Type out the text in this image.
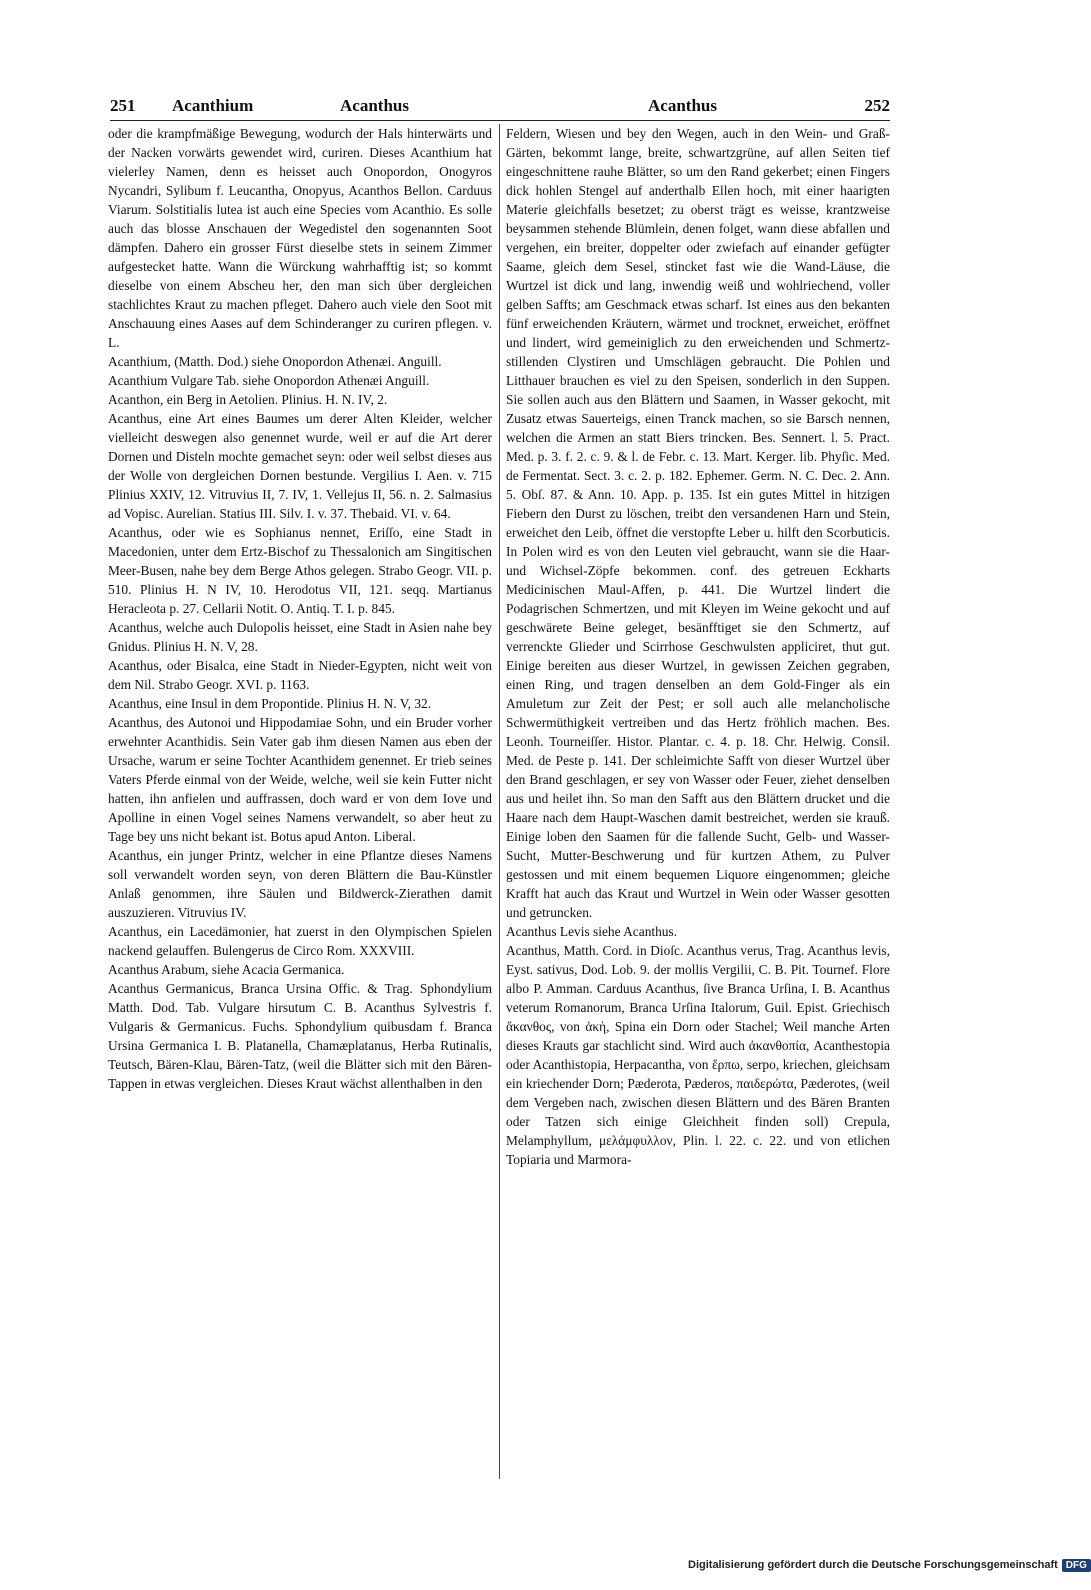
251 Acanthium	Acanthus	Acanthus	252

oder die krampfmäßige Bewegung, wodurch der Hals hinterwärts und der Nacken vorwärts gewendet wird, curiren. Dieses Acanthium hat vielerley Namen, denn es heisset auch Onopordon, Onogyros Nycandri, Sylibum f. Leucantha, Onopyus, Acanthos Bellon. Carduus Viarum. Solstitialis lutea ist auch eine Species vom Acanthio. Es solle auch das blosse Anschauen der Wegedistel den sogenannten Soot dämpfen. Dahero ein grosser Fürst dieselbe stets in seinem Zimmer aufgestecket hatte. Wann die Würckung wahrhafftig ist; so kommt dieselbe von einem Abscheu her, den man sich über dergleichen stachlichtes Kraut zu machen pfleget. Dahero auch viele den Soot mit Anschauung eines Aases auf dem Schinderanger zu curiren pflegen. v. L.

Acanthium, (Matth. Dod.) siehe Onopordon Athenæi. Anguill.

Acanthium Vulgare Tab. siehe Onopordon Athenæi Anguill.

Acanthon, ein Berg in Aetolien. Plinius. H. N. IV, 2.

Acanthus, eine Art eines Baumes um derer Alten Kleider, welcher vielleicht deswegen also genennet wurde, weil er auf die Art derer Dornen und Disteln mochte gemachet seyn: oder weil selbst dieses aus der Wolle von dergleichen Dornen bestunde. Vergilius I. Aen. v. 715 Plinius XXIV, 12. Vitruvius II, 7. IV, 1. Vellejus II, 56. n. 2. Salmasius ad Vopisc. Aurelian. Statius III. Silv. I. v. 37. Thebaid. VI. v. 64.

Acanthus, oder wie es Sophianus nennet, Eriſſo, eine Stadt in Macedonien, unter dem Ertz-Bischof zu Thessalonich am Singitischen Meer-Busen, nahe bey dem Berge Athos gelegen. Strabo Geogr. VII. p. 510. Plinius H. N IV, 10. Herodotus VII, 121. seqq. Martianus Heracleota p. 27. Cellarii Notit. O. Antiq. T. I. p. 845.

Acanthus, welche auch Dulopolis heisset, eine Stadt in Asien nahe bey Gnidus. Plinius H. N. V, 28.

Acanthus, oder Bisalca, eine Stadt in Nieder-Egypten, nicht weit von dem Nil. Strabo Geogr. XVI. p. 1163.

Acanthus, eine Insul in dem Propontide. Plinius H. N. V, 32.

Acanthus, des Autonoi und Hippodamiae Sohn, und ein Bruder vorher erwehnter Acanthidis. Sein Vater gab ihm diesen Namen aus eben der Ursache, warum er seine Tochter Acanthidem genennet. Er trieb seines Vaters Pferde einmal von der Weide, welche, weil sie kein Futter nicht hatten, ihn anfielen und auffrassen, doch ward er von dem Iove und Apolline in einen Vogel seines Namens verwandelt, so aber heut zu Tage bey uns nicht bekant ist. Botus apud Anton. Liberal.

Acanthus, ein junger Printz, welcher in eine Pflantze dieses Namens soll verwandelt worden seyn, von deren Blättern die Bau-Künstler Anlaß genommen, ihre Säulen und Bildwerck-Zierathen damit auszuzieren. Vitruvius IV.

Acanthus, ein Lacedämonier, hat zuerst in den Olympischen Spielen nackend gelauffen. Bulengerus de Circo Rom. XXXVIII.

Acanthus Arabum, siehe Acacia Germanica.

Acanthus Germanicus, Branca Ursina Offic. & Trag. Sphondylium Matth. Dod. Tab. Vulgare hirsutum C. B. Acanthus Sylvestris f. Vulgaris & Germanicus. Fuchs. Sphondylium quibusdam f. Branca Ursina Germanica I. B. Platanella, Chamæplatanus, Herba Rutinalis, Teutsch, Bären-Klau, Bären-Tatz, (weil die Blätter sich mit den Bären-Tappen in etwas vergleichen. Dieses Kraut wächst allenthalben in den

Feldern, Wiesen und bey den Wegen, auch in den Wein- und Graß-Gärten, bekommt lange, breite, schwartzgrüne, auf allen Seiten tief eingeschnittene rauhe Blätter, so um den Rand gekerbet; einen Fingers dick hohlen Stengel auf anderthalb Ellen hoch, mit einer haarigten Materie gleichfalls besetzet; zu oberst trägt es weisse, krantzweise beysammen stehende Blümlein, denen folget, wann diese abfallen und vergehen, ein breiter, doppelter oder zwiefach auf einander gefügter Saame, gleich dem Sesel, stincket fast wie die Wand-Läuse, die Wurtzel ist dick und lang, inwendig weiß und wohlriechend, voller gelben Saffts; am Geschmack etwas scharf. Ist eines aus den bekanten fünf erweichenden Kräutern, wärmet und trocknet, erweichet, eröffnet und lindert, wird gemeiniglich zu den erweichenden und Schmertz-stillenden Clystiren und Umschlägen gebraucht. Die Pohlen und Litthauer brauchen es viel zu den Speisen, sonderlich in den Suppen. Sie sollen auch aus den Blättern und Saamen, in Wasser gekocht, mit Zusatz etwas Sauerteigs, einen Tranck machen, so sie Barsch nennen, welchen die Armen an statt Biers trincken. Bes. Sennert. l. 5. Pract. Med. p. 3. f. 2. c. 9. & l. de Febr. c. 13. Mart. Kerger. lib. Phyſic. Med. de Fermentat. Sect. 3. c. 2. p. 182. Ephemer. Germ. N. C. Dec. 2. Ann. 5. Obſ. 87. & Ann. 10. App. p. 135. Ist ein gutes Mittel in hitzigen Fiebern den Durst zu löschen, treibt den versandenen Harn und Stein, erweichet den Leib, öffnet die verstopfte Leber u. hilft den Scorbuticis. In Polen wird es von den Leuten viel gebraucht, wann sie die Haar- und Wichsel-Zöpfe bekommen. conf. des getreuen Eckharts Medicinischen Maul-Affen, p. 441. Die Wurtzel lindert die Podagrischen Schmertzen, und mit Kleyen im Weine gekocht und auf geschwärete Beine geleget, besänfftiget sie den Schmertz, auf verrenckte Glieder und Scirrhose Geschwulsten appliciret, thut gut. Einige bereiten aus dieser Wurtzel, in gewissen Zeichen gegraben, einen Ring, und tragen denselben an dem Gold-Finger als ein Amuletum zur Zeit der Pest; er soll auch alle melancholische Schwermüthigkeit vertreiben und das Hertz fröhlich machen. Bes. Leonh. Tourneiſſer. Histor. Plantar. c. 4. p. 18. Chr. Helwig. Consil. Med. de Peste p. 141. Der schleimichte Safft von dieser Wurtzel über den Brand geschlagen, er sey von Wasser oder Feuer, ziehet denselben aus und heilet ihn. So man den Safft aus den Blättern drucket und die Haare nach dem Haupt-Waschen damit bestreichet, werden sie krauß. Einige loben den Saamen für die fallende Sucht, Gelb- und Wasser-Sucht, Mutter-Beschwerung und für kurtzen Athem, zu Pulver gestossen und mit einem bequemen Liquore eingenommen; gleiche Krafft hat auch das Kraut und Wurtzel in Wein oder Wasser gesotten und getruncken.

Acanthus Levis siehe Acanthus.

Acanthus, Matth. Cord. in Dioſc. Acanthus verus, Trag. Acanthus levis, Eyst. sativus, Dod. Lob. 9. der mollis Vergilii, C. B. Pit. Tournef. Flore albo P. Amman. Carduus Acanthus, ſive Branca Urſina, I. B. Acanthus veterum Romanorum, Branca Urſina Italorum, Guil. Epist. Griechisch ἄκανθος, von ἀκὴ, Spina ein Dorn oder Stachel; Weil manche Arten dieses Krauts gar stachlicht sind. Wird auch ἀκανθοπία, Acanthestopia oder Acanthistopia, Herpacantha, von ἕρπω, serpo, kriechen, gleichsam ein kriechender Dorn; Pæderota, Pæderos, παιδερώτα, Pæderotes, (weil dem Vergeben nach, zwischen diesen Blättern und des Bären Branten oder Tatzen sich einige Gleichheit finden soll) Crepula, Melamphyllum, μελάμφυλλον, Plin. l. 22. c. 22. und von etlichen Topiaria und Marmora-

Digitalisierung gefördert durch die Deutsche Forschungsgemeinschaft DFG
